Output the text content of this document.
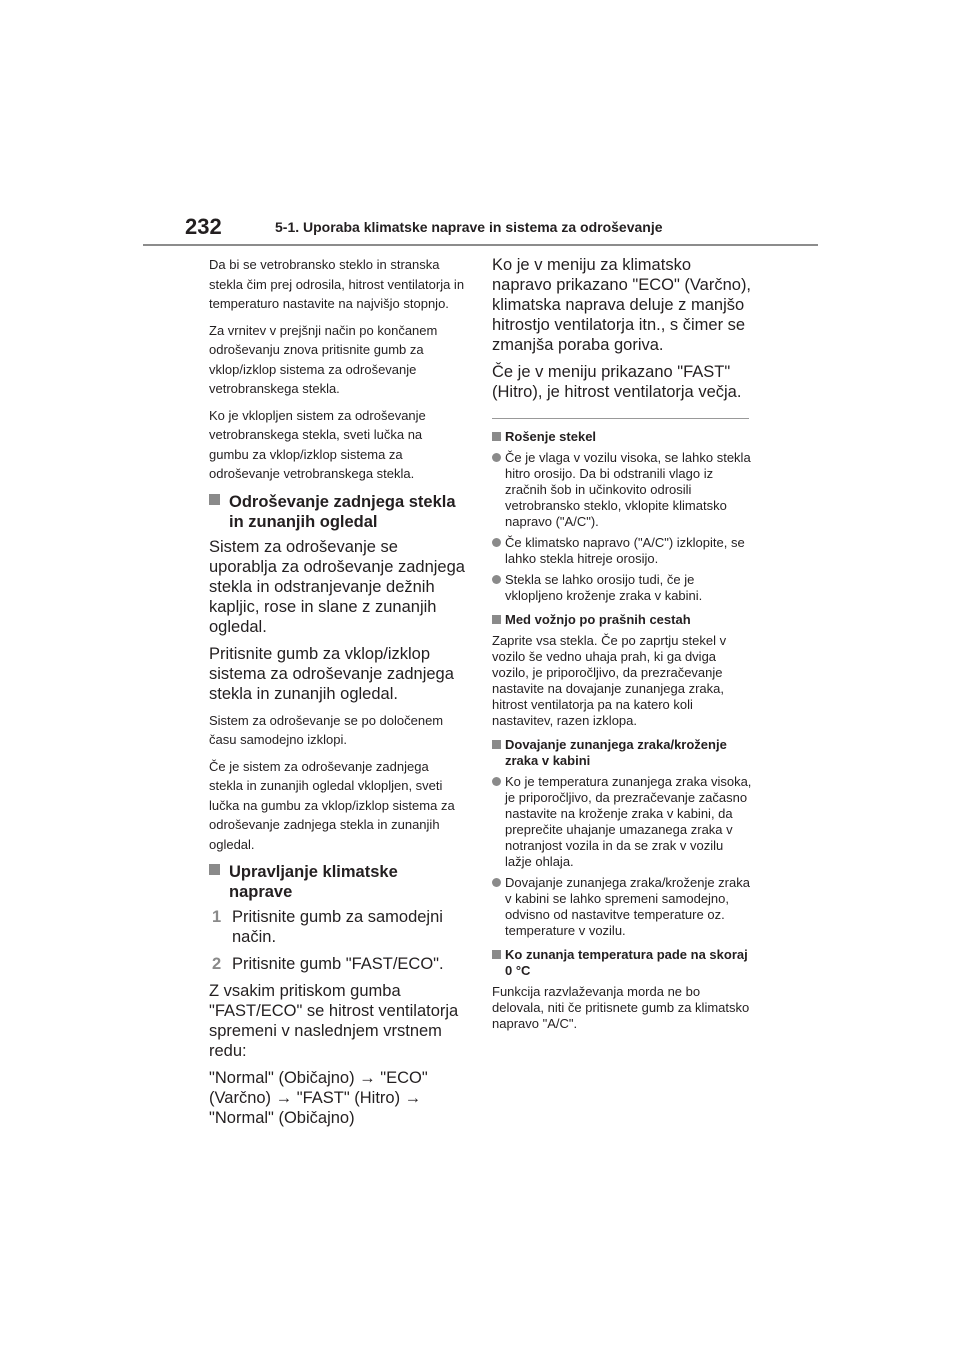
232	5-1. Uporaba klimatske naprave in sistema za odroševanje

Da bi se vetrobransko steklo in stranska stekla čim prej odrosila, hitrost ventilatorja in temperaturo nastavite na najvišjo stopnjo.

Za vrnitev v prejšnji način po končanem odroševanju znova pritisnite gumb za vklop/izklop sistema za odroševanje vetrobranskega stekla.

Ko je vklopljen sistem za odroševanje vetrobranskega stekla, sveti lučka na gumbu za vklop/izklop sistema za odroševanje vetrobranskega stekla.

Odroševanje zadnjega stekla in zunanjih ogledal

Sistem za odroševanje se uporablja za odroševanje zadnjega stekla in odstranjevanje dežnih kapljic, rose in slane z zunanjih ogledal.

Pritisnite gumb za vklop/izklop sistema za odroševanje zadnjega stekla in zunanjih ogledal.

Sistem za odroševanje se po določenem času samodejno izklopi.

Če je sistem za odroševanje zadnjega stekla in zunanjih ogledal vklopljen, sveti lučka na gumbu za vklop/izklop sistema za odroševanje zadnjega stekla in zunanjih ogledal.

Upravljanje klimatske naprave
1 Pritisnite gumb za samodejni način.
2 Pritisnite gumb "FAST/ECO".

Z vsakim pritiskom gumba "FAST/ECO" se hitrost ventilatorja spremeni v naslednjem vrstnem redu:

"Normal" (Običajno) → "ECO" (Varčno) → "FAST" (Hitro) → "Normal" (Običajno)

Ko je v meniju za klimatsko napravo prikazano "ECO" (Varčno), klimatska naprava deluje z manjšo hitrostjo ventilatorja itn., s čimer se zmanjša poraba goriva.

Če je v meniju prikazano "FAST" (Hitro), je hitrost ventilatorja večja.

Rošenje stekel
Če je vlaga v vozilu visoka, se lahko stekla hitro orosijo. Da bi odstranili vlago iz zračnih šob in učinkovito odrosili vetrobransko steklo, vklopite klimatsko napravo ("A/C").
Če klimatsko napravo ("A/C") izklopite, se lahko stekla hitreje orosijo.
Stekla se lahko orosijo tudi, če je vklopljeno kroženje zraka v kabini.
Med vožnjo po prašnih cestah

Zaprite vsa stekla. Če po zaprtju stekel v vozilo še vedno uhaja prah, ki ga dviga vozilo, je priporočljivo, da prezračevanje nastavite na dovajanje zunanjega zraka, hitrost ventilatorja pa na katero koli nastavitev, razen izklopa.

Dovajanje zunanjega zraka/kroženje zraka v kabini
Ko je temperatura zunanjega zraka visoka, je priporočljivo, da prezračevanje začasno nastavite na kroženje zraka v kabini, da preprečite uhajanje umazanega zraka v notranjost vozila in da se zrak v vozilu lažje ohlaja.
Dovajanje zunanjega zraka/kroženje zraka v kabini se lahko spremeni samodejno, odvisno od nastavitve temperature oz. temperature v vozilu.
Ko zunanja temperatura pade na skoraj 0 °C

Funkcija razvlaževanja morda ne bo delovala, niti če pritisnete gumb za klimatsko napravo "A/C".
